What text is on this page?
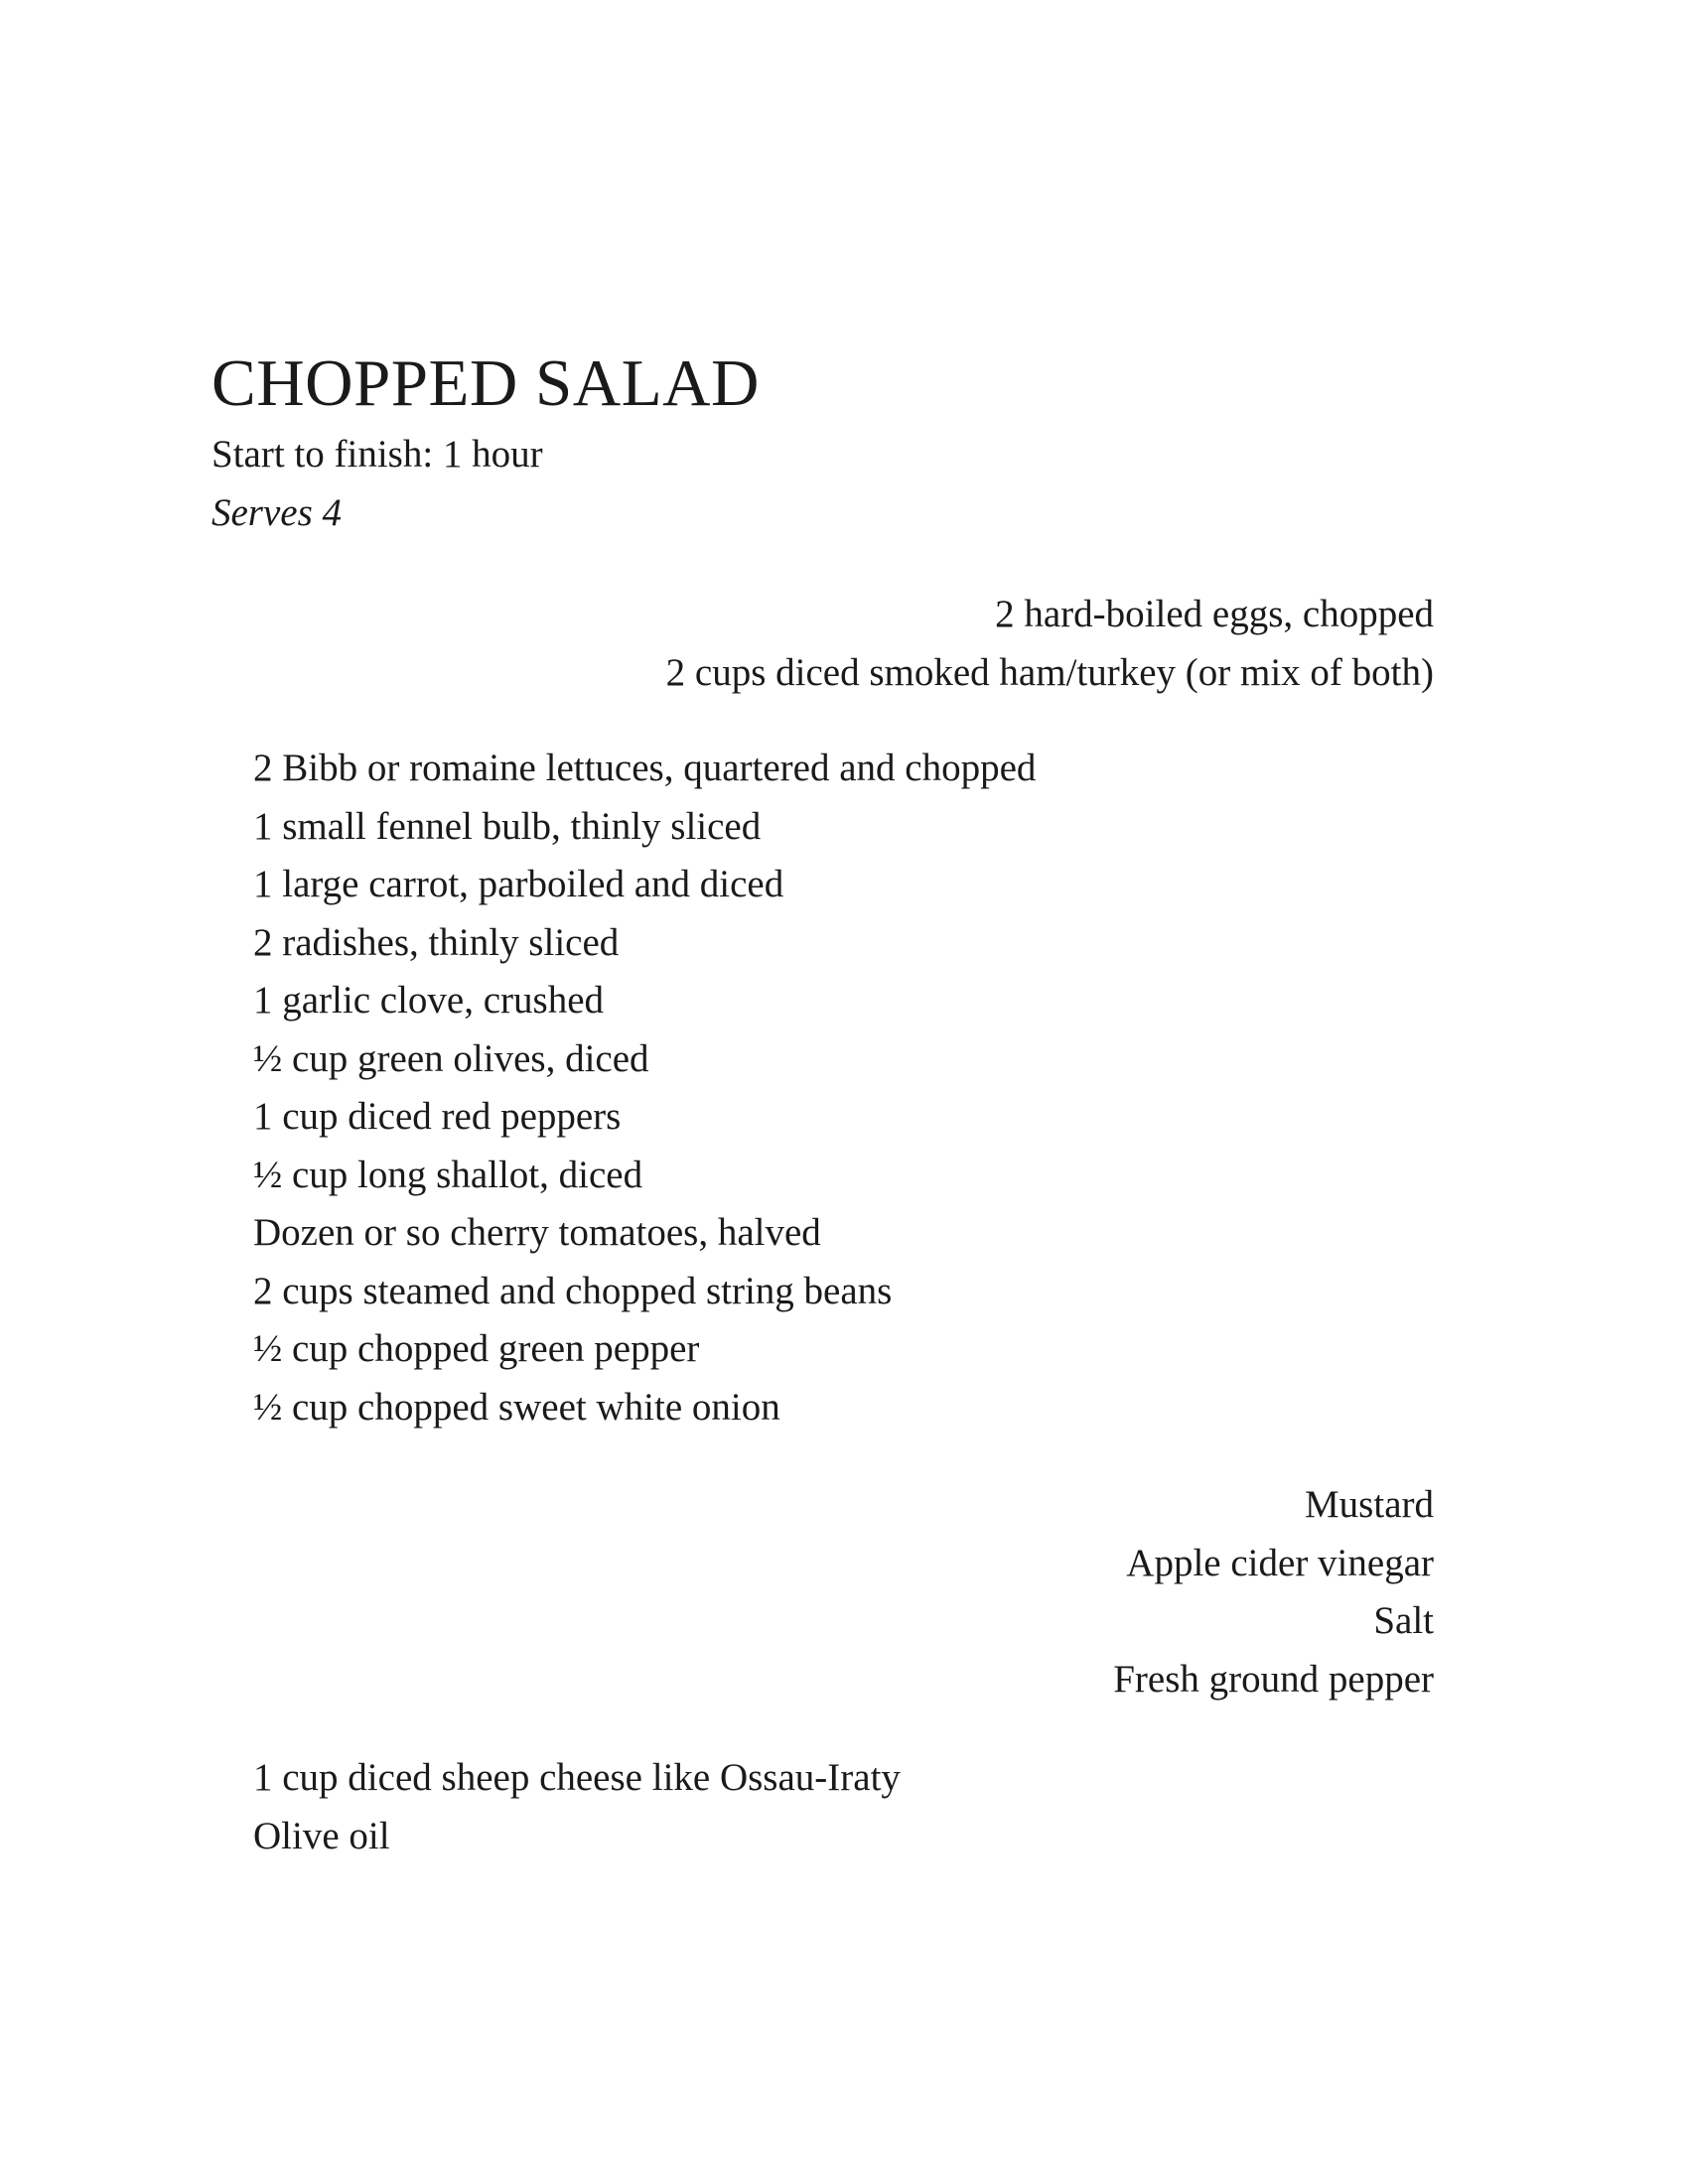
CHOPPED SALAD
Start to finish: 1 hour
Serves 4
2 hard-boiled eggs, chopped
2 cups diced smoked ham/turkey (or mix of both)
2 Bibb or romaine lettuces, quartered and chopped
1 small fennel bulb, thinly sliced
1 large carrot, parboiled and diced
2 radishes, thinly sliced
1 garlic clove, crushed
½ cup green olives, diced
1 cup diced red peppers
½ cup long shallot, diced
Dozen or so cherry tomatoes, halved
2 cups steamed and chopped string beans
½ cup chopped green pepper
½ cup chopped sweet white onion
Mustard
Apple cider vinegar
Salt
Fresh ground pepper
1 cup diced sheep cheese like Ossau-Iraty
Olive oil
